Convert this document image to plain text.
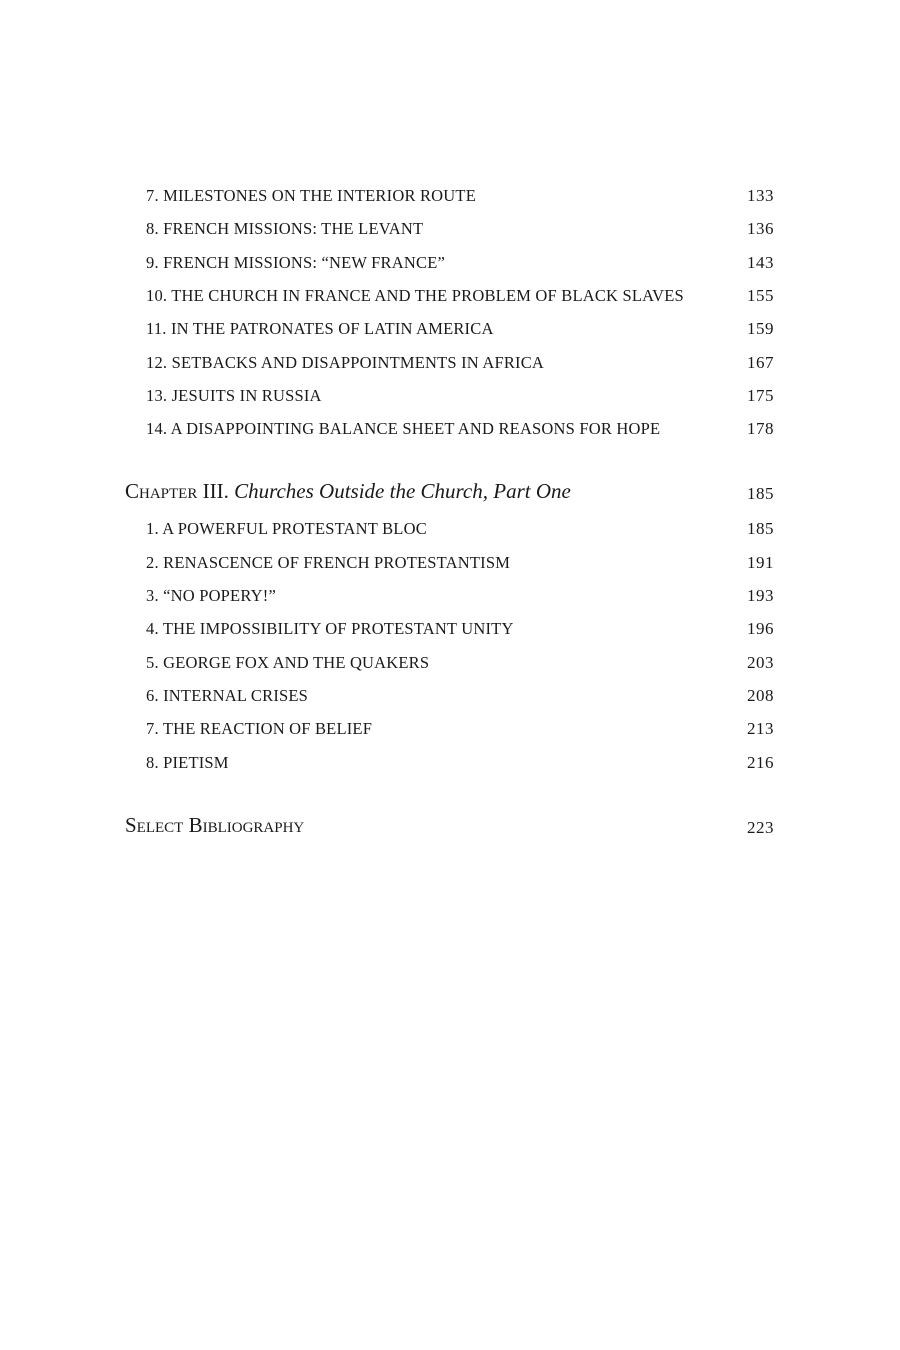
7. MILESTONES ON THE INTERIOR ROUTE	133
8. FRENCH MISSIONS: THE LEVANT	136
9. FRENCH MISSIONS: “NEW FRANCE”	143
10. THE CHURCH IN FRANCE AND THE PROBLEM OF BLACK SLAVES	155
11. IN THE PATRONATES OF LATIN AMERICA	159
12. SETBACKS AND DISAPPOINTMENTS IN AFRICA	167
13. JESUITS IN RUSSIA	175
14. A DISAPPOINTING BALANCE SHEET AND REASONS FOR HOPE	178
Chapter III. Churches Outside the Church, Part One	185
1. A POWERFUL PROTESTANT BLOC	185
2. RENASCENCE OF FRENCH PROTESTANTISM	191
3. “NO POPERY!”	193
4. THE IMPOSSIBILITY OF PROTESTANT UNITY	196
5. GEORGE FOX AND THE QUAKERS	203
6. INTERNAL CRISES	208
7. THE REACTION OF BELIEF	213
8. PIETISM	216
Select Bibliography	223
